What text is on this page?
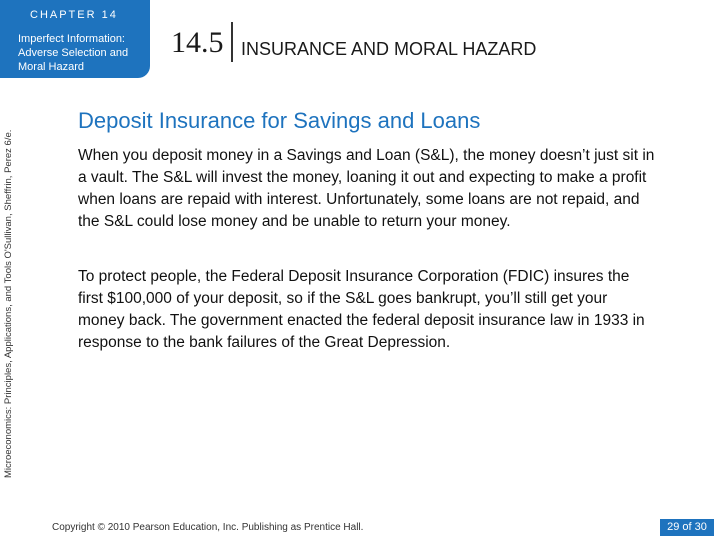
CHAPTER 14
Imperfect Information: Adverse Selection and Moral Hazard
14.5 INSURANCE AND MORAL HAZARD
Microeconomics: Principles, Applications, and Tools O'Sullivan, Sheffrin, Perez 6/e.
Deposit Insurance for Savings and Loans

When you deposit money in a Savings and Loan (S&L), the money doesn’t just sit in a vault. The S&L will invest the money, loaning it out and expecting to make a profit when loans are repaid with interest. Unfortunately, some loans are not repaid, and the S&L could lose money and be unable to return your money.

To protect people, the Federal Deposit Insurance Corporation (FDIC) insures the first $100,000 of your deposit, so if the S&L goes bankrupt, you’ll still get your money back. The government enacted the federal deposit insurance law in 1933 in response to the bank failures of the Great Depression.

Copyright © 2010 Pearson Education, Inc. Publishing as Prentice Hall.	29 of 30
